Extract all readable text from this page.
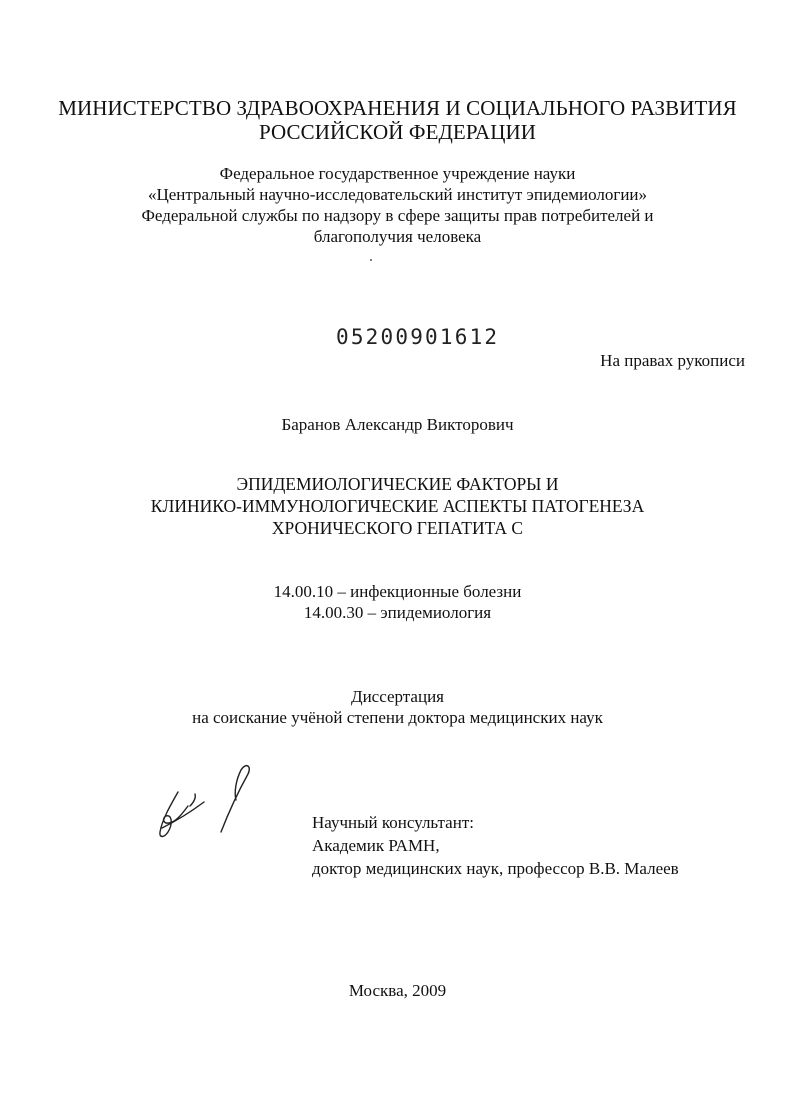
МИНИСТЕРСТВО ЗДРАВООХРАНЕНИЯ И СОЦИАЛЬНОГО РАЗВИТИЯ
РОССИЙСКОЙ ФЕДЕРАЦИИ
Федеральное государственное учреждение науки
«Центральный научно-исследовательский институт эпидемиологии»
Федеральной службы по надзору в сфере защиты прав потребителей и
благополучия человека
05200901612
На правах рукописи
Баранов Александр Викторович
ЭПИДЕМИОЛОГИЧЕСКИЕ ФАКТОРЫ И
КЛИНИКО-ИММУНОЛОГИЧЕСКИЕ АСПЕКТЫ ПАТОГЕНЕЗА
ХРОНИЧЕСКОГО ГЕПАТИТА С
14.00.10 – инфекционные болезни
14.00.30 – эпидемиология
Диссертация
на соискание учёной степени доктора медицинских наук
Научный консультант:
Академик РАМН,
доктор медицинских наук, профессор В.В. Малеев
Москва, 2009
